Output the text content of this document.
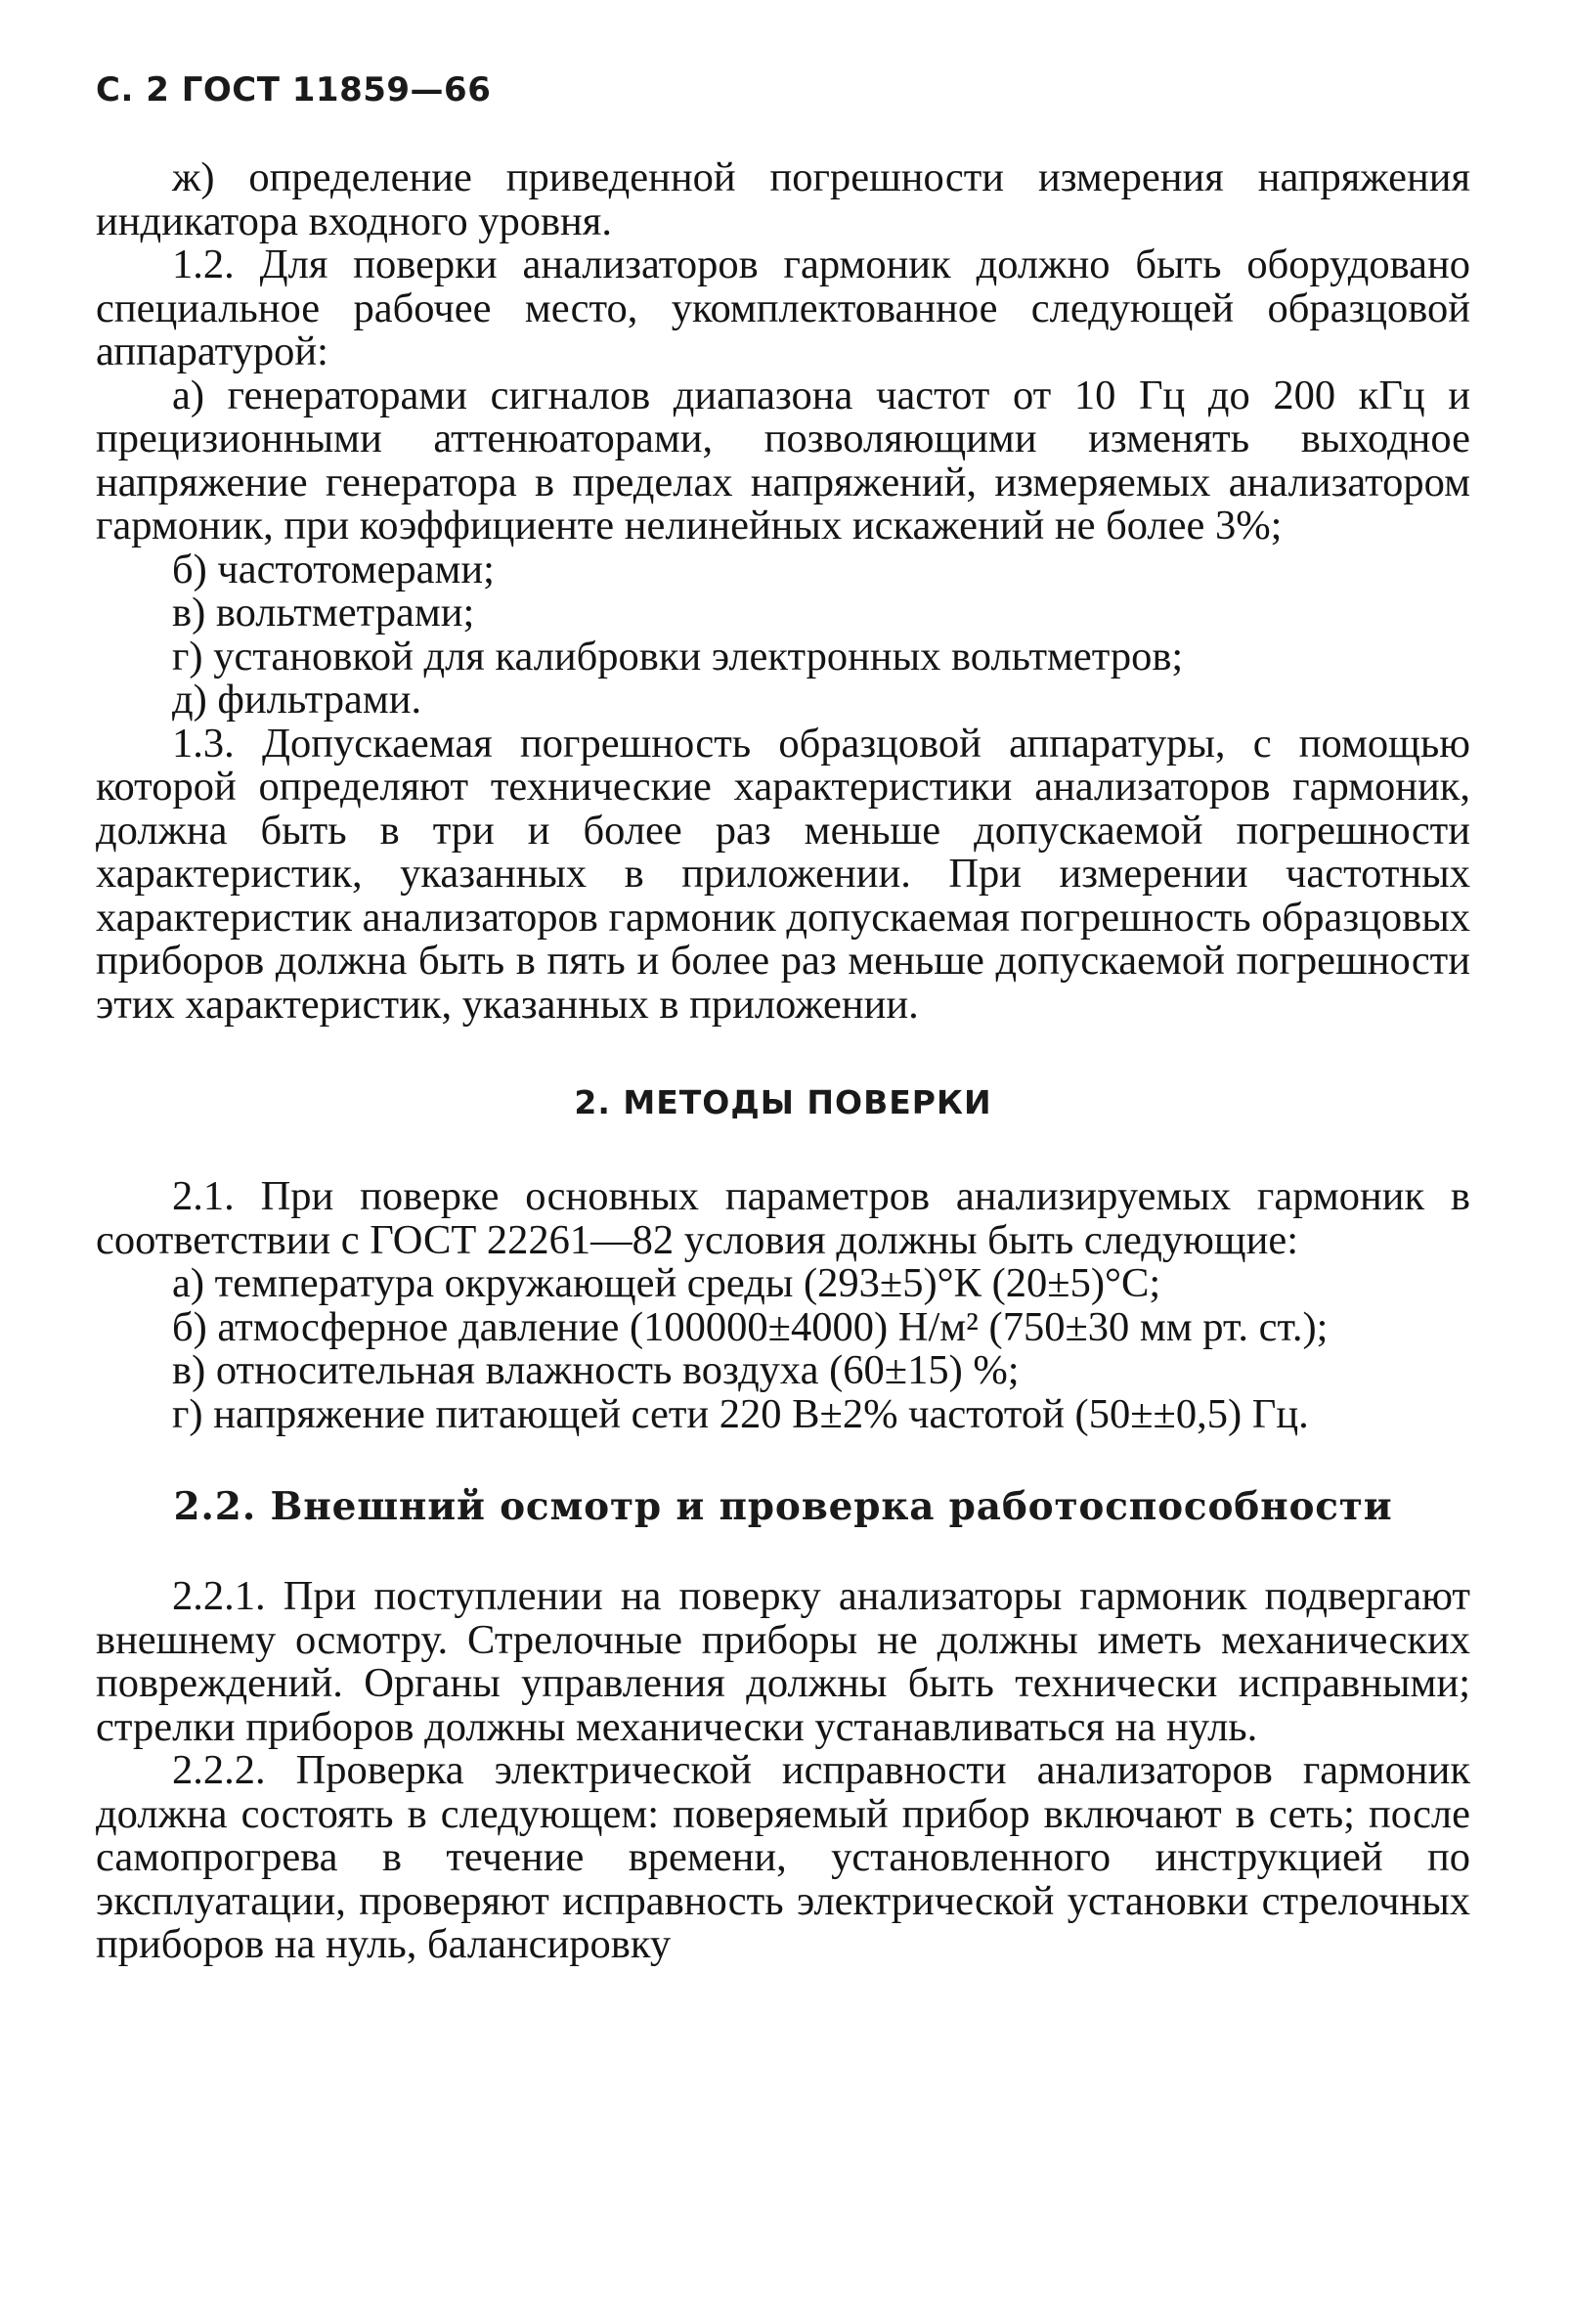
С. 2 ГОСТ 11859—66

ж) определение приведенной погрешности измерения напряжения индикатора входного уровня.

1.2. Для поверки анализаторов гармоник должно быть оборудовано специальное рабочее место, укомплектованное следующей образцовой аппаратурой:

а) генераторами сигналов диапазона частот от 10 Гц до 200 кГц и прецизионными аттенюаторами, позволяющими изменять выходное напряжение генератора в пределах напряжений, измеряемых анализатором гармоник, при коэффициенте нелинейных искажений не более 3%;

б) частотомерами;

в) вольтметрами;

г) установкой для калибровки электронных вольтметров;

д) фильтрами.

1.3. Допускаемая погрешность образцовой аппаратуры, с помощью которой определяют технические характеристики анализаторов гармоник, должна быть в три и более раз меньше допускаемой погрешности характеристик, указанных в приложении. При измерении частотных характеристик анализаторов гармоник допускаемая погрешность образцовых приборов должна быть в пять и более раз меньше допускаемой погрешности этих характеристик, указанных в приложении.

2. МЕТОДЫ ПОВЕРКИ

2.1. При поверке основных параметров анализируемых гармоник в соответствии с ГОСТ 22261—82 условия должны быть следующие:

а) температура окружающей среды (293±5)°К (20±5)°С;

б) атмосферное давление (100000±4000) Н/м² (750±30 мм рт. ст.);

в) относительная влажность воздуха (60±15) %;

г) напряжение питающей сети 220 В±2% частотой (50±±0,5) Гц.

2.2. Внешний осмотр и проверка работоспособности

2.2.1. При поступлении на поверку анализаторы гармоник подвергают внешнему осмотру. Стрелочные приборы не должны иметь механических повреждений. Органы управления должны быть технически исправными; стрелки приборов должны механически устанавливаться на нуль.

2.2.2. Проверка электрической исправности анализаторов гармоник должна состоять в следующем: поверяемый прибор включают в сеть; после самопрогрева в течение времени, установленного инструкцией по эксплуатации, проверяют исправность электрической установки стрелочных приборов на нуль, балансировку
